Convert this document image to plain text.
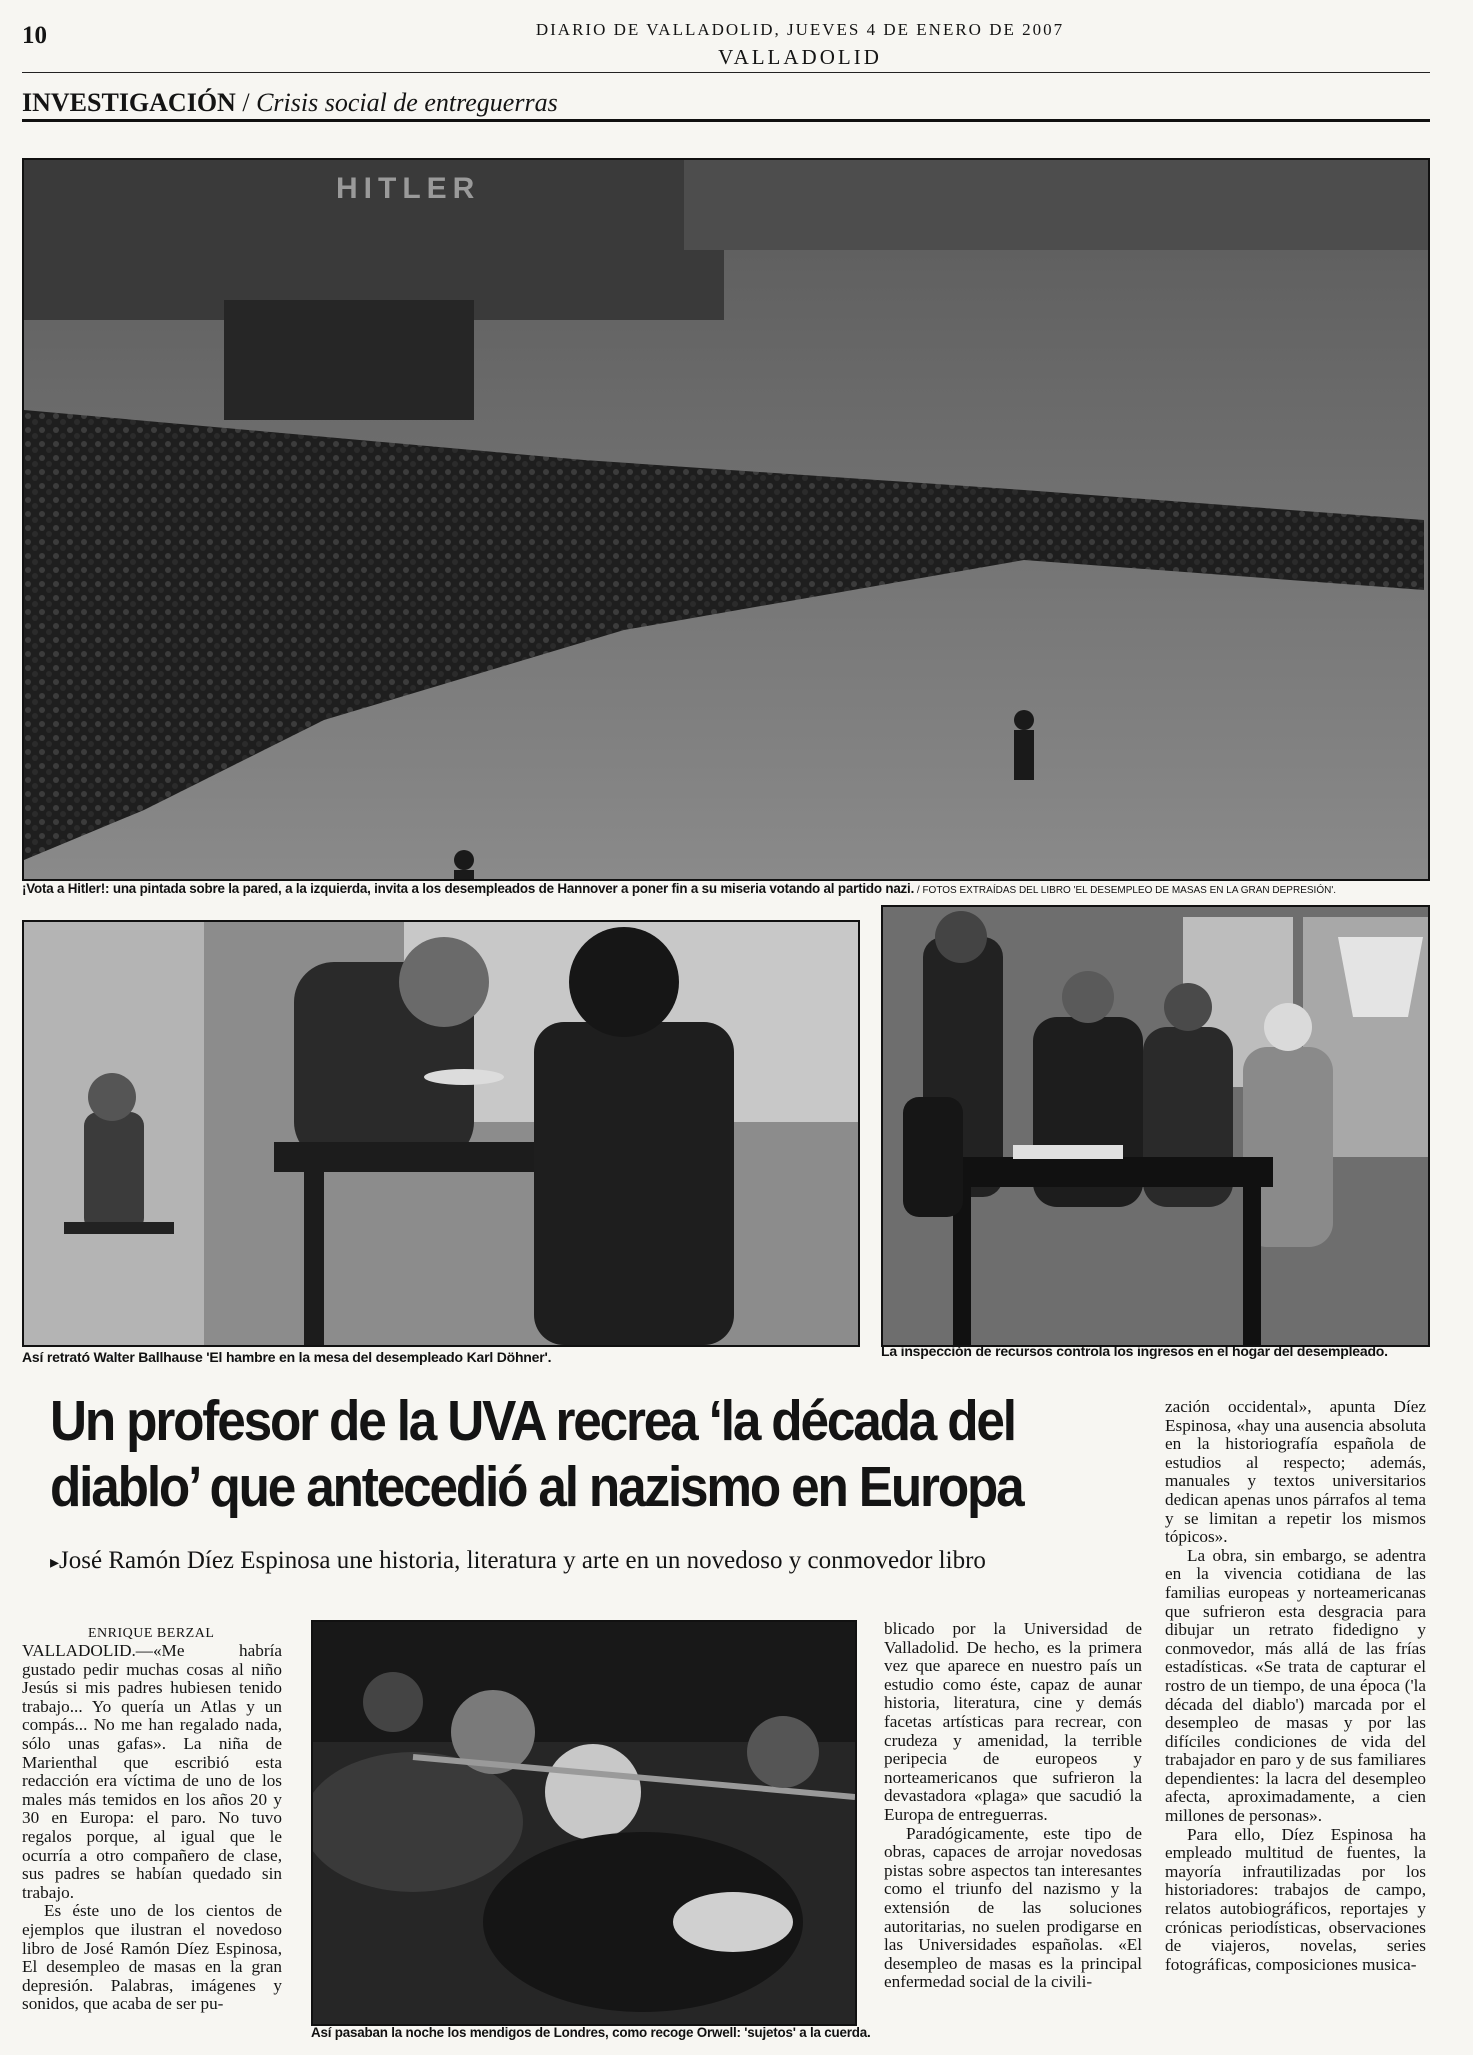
10	DIARIO DE VALLADOLID, JUEVES 4 DE ENERO DE 2007
VALLADOLID
INVESTIGACIÓN / Crisis social de entreguerras
HITLER
¡Vota a Hitler!: una pintada sobre la pared, a la izquierda, invita a los desempleados de Hannover a poner fin a su miseria votando al partido nazi. / FOTOS EXTRAÍDAS DEL LIBRO 'EL DESEMPLEO DE MASAS EN LA GRAN DEPRESIÓN'.
Así retrató Walter Ballhause 'El hambre en la mesa del desempleado Karl Döhner'.	La inspección de recursos controla los ingresos en el hogar del desempleado.
Un profesor de la UVA recrea ‘la década del
diablo’ que antecedió al nazismo en Europa
▸José Ramón Díez Espinosa une historia, literatura y arte en un novedoso y conmovedor libro
ENRIQUE BERZAL

VALLADOLID.—«Me habría gustado pedir muchas cosas al niño Jesús si mis padres hubiesen tenido trabajo... Yo quería un Atlas y un compás... No me han regalado nada, sólo unas gafas». La niña de Marienthal que escribió esta redacción era víctima de uno de los males más temidos en los años 20 y 30 en Europa: el paro. No tuvo regalos porque, al igual que le ocurría a otro compañero de clase, sus padres se habían quedado sin trabajo.

Es éste uno de los cientos de ejemplos que ilustran el novedoso libro de José Ramón Díez Espinosa, El desempleo de masas en la gran depresión. Palabras, imágenes y sonidos, que acaba de ser pu-

Así pasaban la noche los mendigos de Londres, como recoge Orwell: 'sujetos' a la cuerda.

blicado por la Universidad de Valladolid. De hecho, es la primera vez que aparece en nuestro país un estudio como éste, capaz de aunar historia, literatura, cine y demás facetas artísticas para recrear, con crudeza y amenidad, la terrible peripecia de europeos y norteamericanos que sufrieron la devastadora «plaga» que sacudió la Europa de entreguerras.

Paradógicamente, este tipo de obras, capaces de arrojar novedosas pistas sobre aspectos tan interesantes como el triunfo del nazismo y la extensión de las soluciones autoritarias, no suelen prodigarse en las Universidades españolas. «El desempleo de masas es la principal enfermedad social de la civili-

zación occidental», apunta Díez Espinosa, «hay una ausencia absoluta en la historiografía española de estudios al respecto; además, manuales y textos universitarios dedican apenas unos párrafos al tema y se limitan a repetir los mismos tópicos».

La obra, sin embargo, se adentra en la vivencia cotidiana de las familias europeas y norteamericanas que sufrieron esta desgracia para dibujar un retrato fidedigno y conmovedor, más allá de las frías estadísticas. «Se trata de capturar el rostro de un tiempo, de una época ('la década del diablo') marcada por el desempleo de masas y por las difíciles condiciones de vida del trabajador en paro y de sus familiares dependientes: la lacra del desempleo afecta, aproximadamente, a cien millones de personas».

Para ello, Díez Espinosa ha empleado multitud de fuentes, la mayoría infrautilizadas por los historiadores: trabajos de campo, relatos autobiográficos, reportajes y crónicas periodísticas, observaciones de viajeros, novelas, series fotográficas, composiciones musica-
